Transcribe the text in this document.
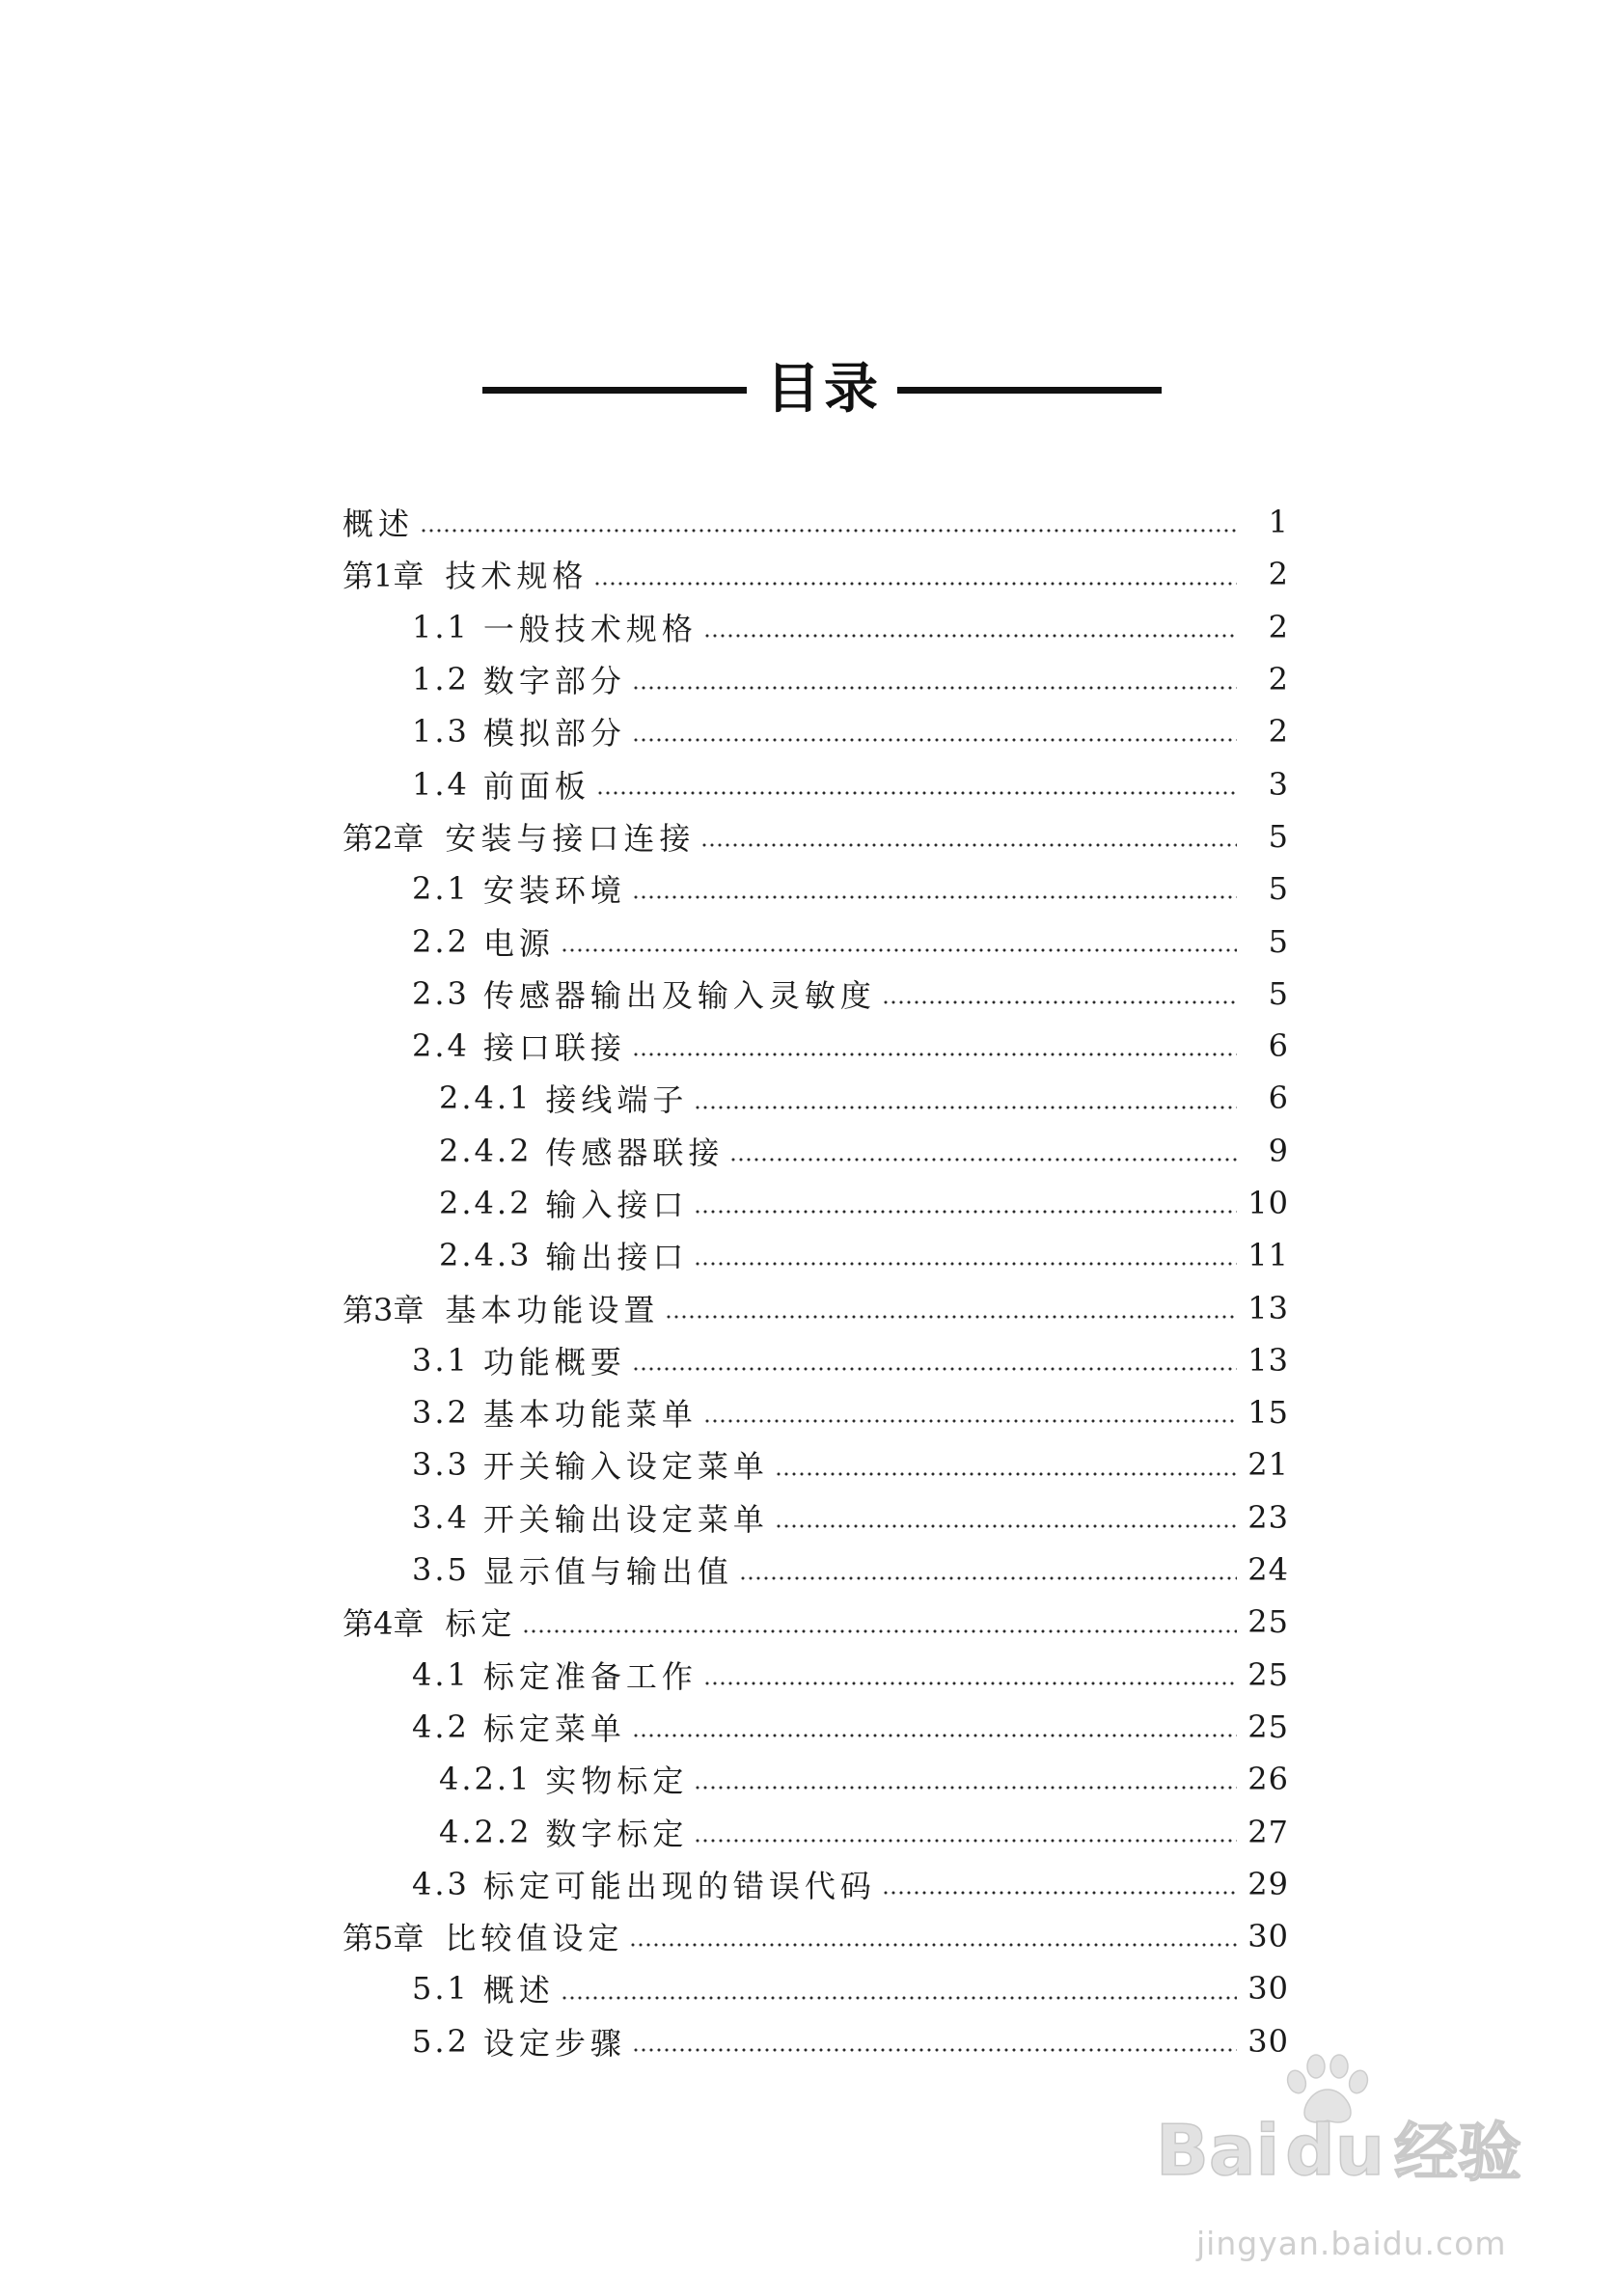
目录
概述	1
第1章 技术规格	2
1.1 一般技术规格	2
1.2 数字部分	2
1.3 模拟部分	2
1.4 前面板	3
第2章 安装与接口连接	5
2.1 安装环境	5
2.2 电源	5
2.3 传感器输出及输入灵敏度	5
2.4 接口联接	6
2.4.1 接线端子	6
2.4.2 传感器联接	9
2.4.2 输入接口	10
2.4.3 输出接口	11
第3章 基本功能设置	13
3.1 功能概要	13
3.2 基本功能菜单	15
3.3 开关输入设定菜单	21
3.4 开关输出设定菜单	23
3.5 显示值与输出值	24
第4章 标定	25
4.1 标定准备工作	25
4.2 标定菜单	25
4.2.1 实物标定	26
4.2.2 数字标定	27
4.3 标定可能出现的错误代码	29
第5章 比较值设定	30
5.1 概述	30
5.2 设定步骤	30
Baidu 经验
jingyan.baidu.com
